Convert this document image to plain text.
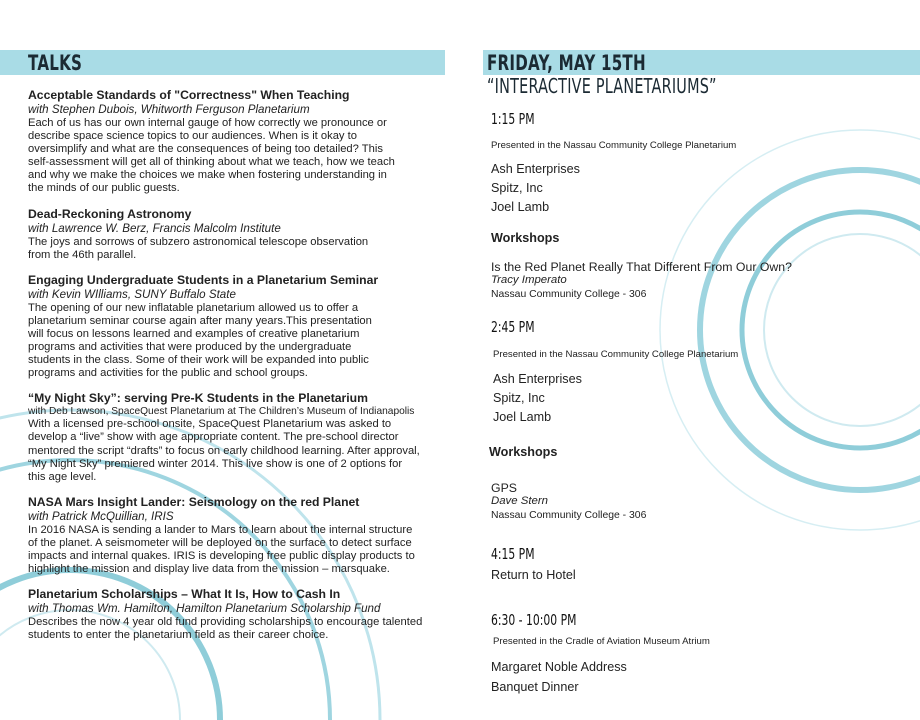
TALKS	FRIDAY, MAY 15TH
“INTERACTIVE PLANETARIUMS”
Acceptable Standards of "Correctness" When Teaching
with Stephen Dubois, Whitworth Ferguson Planetarium
Each of us has our own internal gauge of how correctly we pronounce or
describe space science topics to our audiences. When is it okay to
oversimplify and what are the consequences of being too detailed? This
self-assessment will get all of thinking about what we teach, how we teach
and why we make the choices we make when fostering understanding in
the minds of our public guests.
Dead-Reckoning Astronomy
with Lawrence W. Berz, Francis Malcolm Institute
The joys and sorrows of subzero astronomical telescope observation
from the 46th parallel.
Engaging Undergraduate Students in a Planetarium Seminar
with Kevin WIlliams, SUNY Buffalo State
The opening of our new inflatable planetarium allowed us to offer a
planetarium seminar course again after many years.This presentation
will focus on lessons learned and examples of creative planetarium
programs and activities that were produced by the undergraduate
students in the class. Some of their work will be expanded into public
programs and activities for the public and school groups.
“My Night Sky”: serving Pre-K Students in the Planetarium
with Deb Lawson, SpaceQuest Planetarium at The Children’s Museum of Indianapolis
With a licensed pre-school onsite, SpaceQuest Planetarium was asked to
develop a “live” show with age appropriate content. The pre-school director
mentored the script “drafts” to focus on early childhood learning. After approval,
“My Night Sky” premiered winter 2014. This live show is one of 2 options for
this age level.
NASA Mars Insight Lander: Seismology on the red Planet
with Patrick McQuillian, IRIS
In 2016 NASA is sending a lander to Mars to learn about the internal structure
of the planet. A seismometer will be deployed on the surface to detect surface
impacts and internal quakes. IRIS is developing free public display products to
highlight the mission and display live data from the mission – marsquake.
Planetarium Scholarships – What It Is, How to Cash In
with Thomas Wm. Hamilton, Hamilton Planetarium Scholarship Fund
Describes the now 4 year old fund providing scholarships to encourage talented
students to enter the planetarium field as their career choice.
1:15 PM
Presented in the Nassau Community College Planetarium
Ash Enterprises
Spitz, Inc
Joel Lamb
Workshops
Is the Red Planet Really That Different From Our Own?
Tracy Imperato
Nassau Community College - 306
2:45 PM
Presented in the Nassau Community College Planetarium
Ash Enterprises
Spitz, Inc
Joel Lamb
Workshops
GPS
Dave Stern
Nassau Community College - 306
4:15 PM
Return to Hotel
6:30 - 10:00 PM
Presented in the Cradle of Aviation Museum Atrium
Margaret Noble Address
Banquet Dinner
